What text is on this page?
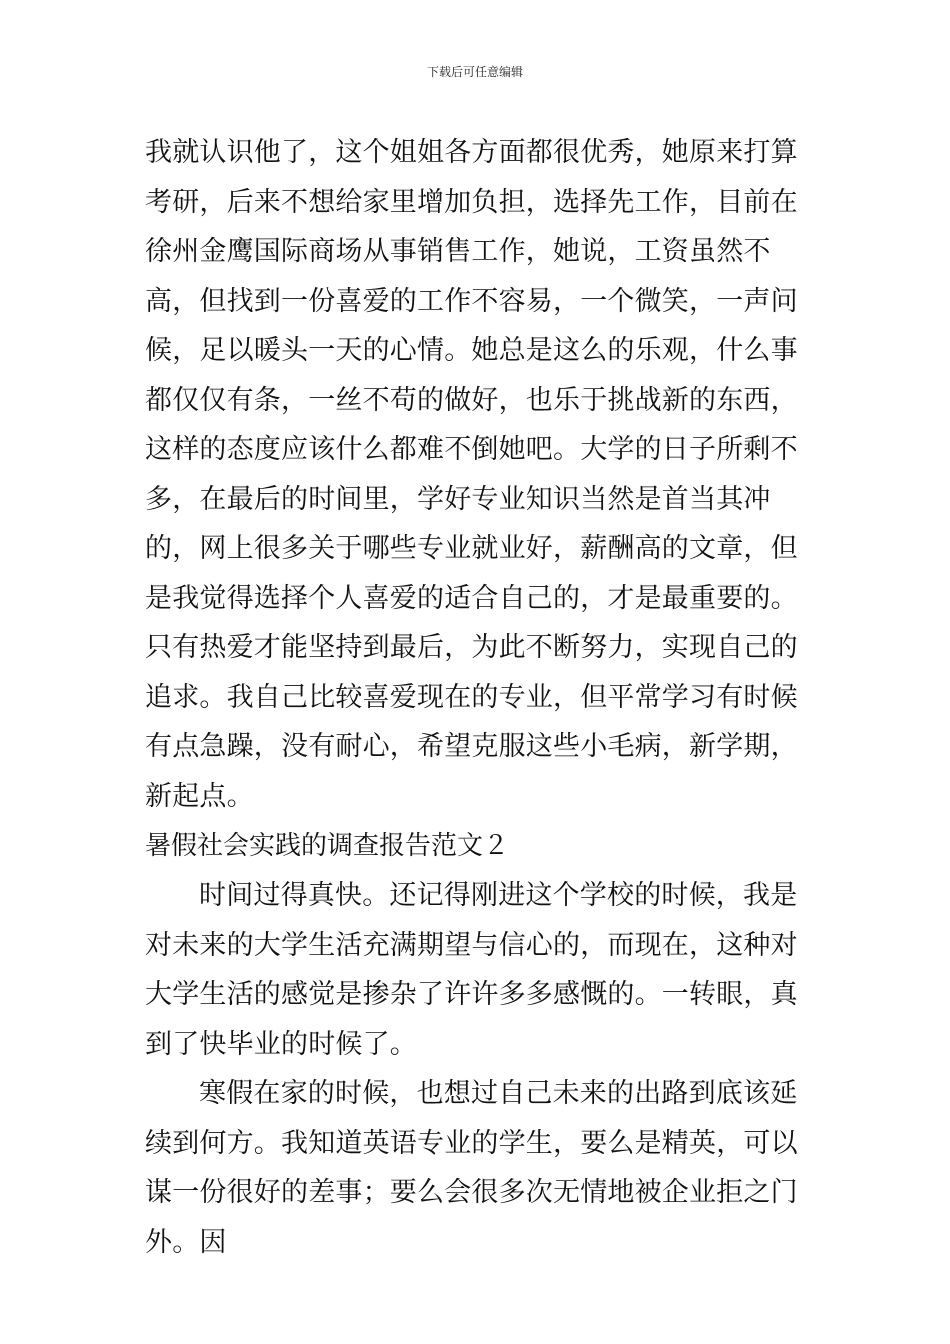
下载后可任意编辑
我就认识他了，这个姐姐各方面都很优秀，她原来打算考研，后来不想给家里增加负担，选择先工作，目前在徐州金鹰国际商场从事销售工作，她说，工资虽然不高，但找到一份喜爱的工作不容易，一个微笑，一声问候，足以暖头一天的心情。她总是这么的乐观，什么事都仅仅有条，一丝不苟的做好，也乐于挑战新的东西，这样的态度应该什么都难不倒她吧。大学的日子所剩不多，在最后的时间里，学好专业知识当然是首当其冲的，网上很多关于哪些专业就业好，薪酬高的文章，但是我觉得选择个人喜爱的适合自己的，才是最重要的。只有热爱才能坚持到最后，为此不断努力，实现自己的追求。我自己比较喜爱现在的专业，但平常学习有时候有点急躁，没有耐心，希望克服这些小毛病，新学期，新起点。
暑假社会实践的调查报告范文２

时间过得真快。还记得刚进这个学校的时候，我是对未来的大学生活充满期望与信心的，而现在，这种对大学生活的感觉是掺杂了许许多多感慨的。一转眼，真到了快毕业的时候了。

寒假在家的时候，也想过自己未来的出路到底该延续到何方。我知道英语专业的学生，要么是精英，可以谋一份很好的差事；要么会很多次无情地被企业拒之门外。因
